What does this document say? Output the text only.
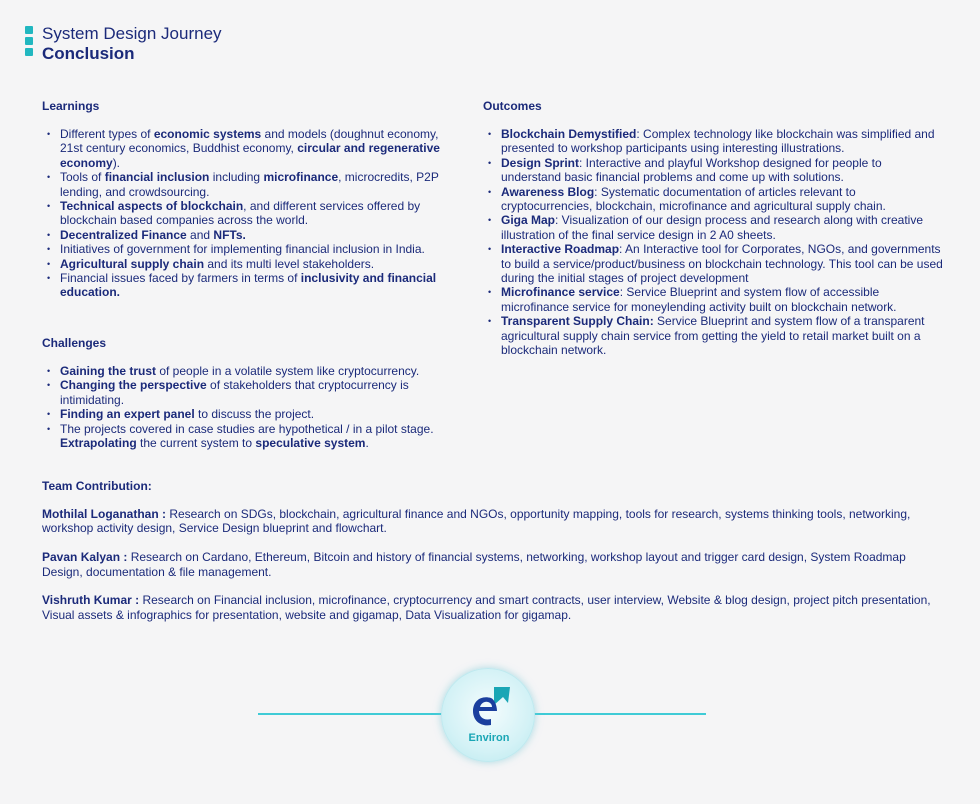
System Design Journey
Conclusion
Learnings
• Different types of economic systems and models (doughnut economy, 21st century economics, Buddhist economy, circular and regenerative economy).
• Tools of financial inclusion including microfinance, microcredits, P2P lending, and crowdsourcing.
• Technical aspects of blockchain, and different services offered by blockchain based companies across the world.
• Decentralized Finance and NFTs.
• Initiatives of government for implementing financial inclusion in India.
• Agricultural supply chain and its multi level stakeholders.
• Financial issues faced by farmers in terms of inclusivity and financial education.
Challenges
• Gaining the trust of people in a volatile system like cryptocurrency.
• Changing the perspective of stakeholders that cryptocurrency is intimidating.
• Finding an expert panel to discuss the project.
• The projects covered in case studies are hypothetical / in a pilot stage. Extrapolating the current system to speculative system.
Outcomes
• Blockchain Demystified: Complex technology like blockchain was simplified and presented to workshop participants using interesting illustrations.
• Design Sprint: Interactive and playful Workshop designed for people to understand basic financial problems and come up with solutions.
• Awareness Blog: Systematic documentation of articles relevant to cryptocurrencies, blockchain, microfinance and agricultural supply chain.
• Giga Map: Visualization of our design process and research along with creative illustration of the final service design in 2 A0 sheets.
• Interactive Roadmap: An Interactive tool for Corporates, NGOs, and governments to build a service/product/business on blockchain technology. This tool can be used during the initial stages of project development
• Microfinance service: Service Blueprint and system flow of accessible microfinance service for moneylending activity built on blockchain network.
• Transparent Supply Chain: Service Blueprint and system flow of a transparent agricultural supply chain service from getting the yield to retail market built on a blockchain network.
Team Contribution:

Mothilal Loganathan : Research on SDGs, blockchain, agricultural finance and NGOs, opportunity mapping, tools for research, systems thinking tools, networking, workshop activity design, Service Design blueprint and flowchart.

Pavan Kalyan : Research on Cardano, Ethereum, Bitcoin and history of financial systems, networking, workshop layout and trigger card design, System Roadmap Design, documentation & file management.

Vishruth Kumar : Research on Financial inclusion, microfinance, cryptocurrency and smart contracts, user interview, Website & blog design, project pitch presentation, Visual assets & infographics for presentation, website and gigamap, Data Visualization for gigamap.

Environ
